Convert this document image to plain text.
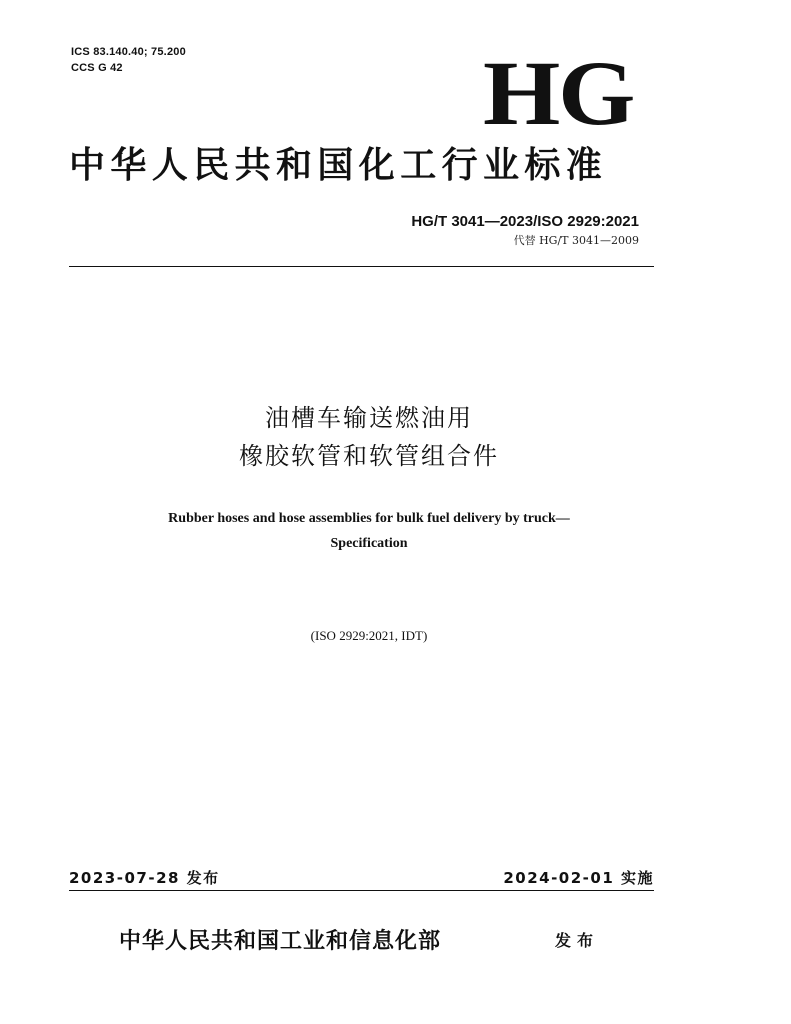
ICS 83.140.40; 75.200
CCS G 42	HG
中华人民共和国化工行业标准
HG/T 3041—2023/ISO 2929:2021
代替 HG/T 3041—2009
油槽车输送燃油用
橡胶软管和软管组合件
Rubber hoses and hose assemblies for bulk fuel delivery by truck—
Specification
(ISO 2929:2021, IDT)
2023-07-28 发布	2024-02-01 实施
中华人民共和国工业和信息化部	发布
